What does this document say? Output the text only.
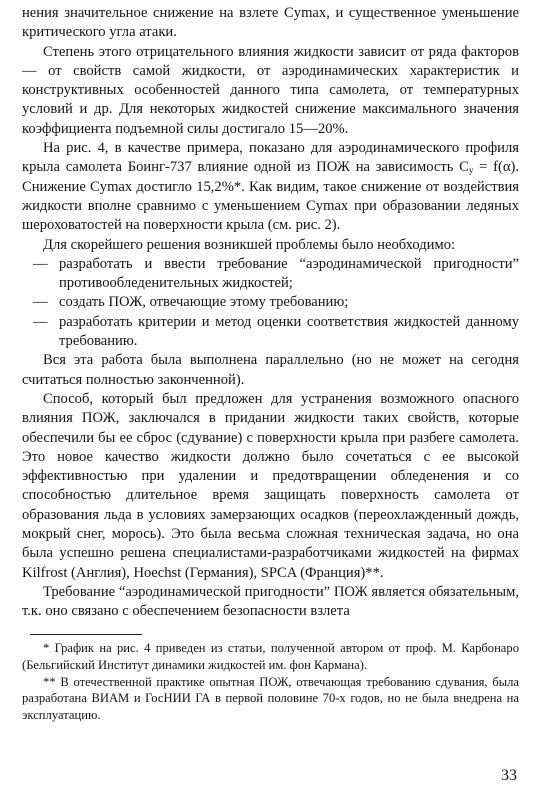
нения значительное снижение на взлете Cymax, и существенное уменьшение критического угла атаки.

Степень этого отрицательного влияния жидкости зависит от ряда факторов — от свойств самой жидкости, от аэродинамических характеристик и конструктивных особенностей данного типа самолета, от температурных условий и др. Для некоторых жидкостей снижение максимального значения коэффициента подъемной силы достигало 15—20%.

На рис. 4, в качестве примера, показано для аэродинамического профиля крыла самолета Боинг-737 влияние одной из ПОЖ на зависимость $C_y = f(\alpha)$. Снижение Cymax достигло 15,2%*. Как видим, такое снижение от воздействия жидкости вполне сравнимо с уменьшением Cymax при образовании ледяных шероховатостей на поверхности крыла (см. рис. 2).

Для скорейшего решения возникшей проблемы было необходимо:

— разработать и ввести требование “аэродинамической пригодности” противообледенительных жидкостей;
— создать ПОЖ, отвечающие этому требованию;
— разработать критерии и метод оценки соответствия жидкостей данному требованию.

Вся эта работа была выполнена параллельно (но не может на сегодня считаться полностью законченной).

Способ, который был предложен для устранения возможного опасного влияния ПОЖ, заключался в придании жидкости таких свойств, которые обеспечили бы ее сброс (сдувание) с поверхности крыла при разбеге самолета. Это новое качество жидкости должно было сочетаться с ее высокой эффективностью при удалении и предотвращении обледенения и со способностью длительное время защищать поверхность самолета от образования льда в условиях замерзающих осадков (переохлажденный дождь, мокрый снег, морось). Это была весьма сложная техническая задача, но она была успешно решена специалистами-разработчиками жидкостей на фирмах Kilfrost (Англия), Hoechst (Германия), SPCA (Франция)**.

Требование “аэродинамической пригодности” ПОЖ является обязательным, т.к. оно связано с обеспечением безопасности взлета

* График на рис. 4 приведен из статьи, полученной автором от проф. М. Карбонаро (Бельгийский Институт динамики жидкостей им. фон Кармана).

** В отечественной практике опытная ПОЖ, отвечающая требованию сдувания, была разработана ВИАМ и ГосНИИ ГА в первой половине 70-х годов, но не была внедрена на эксплуатацию.

33
